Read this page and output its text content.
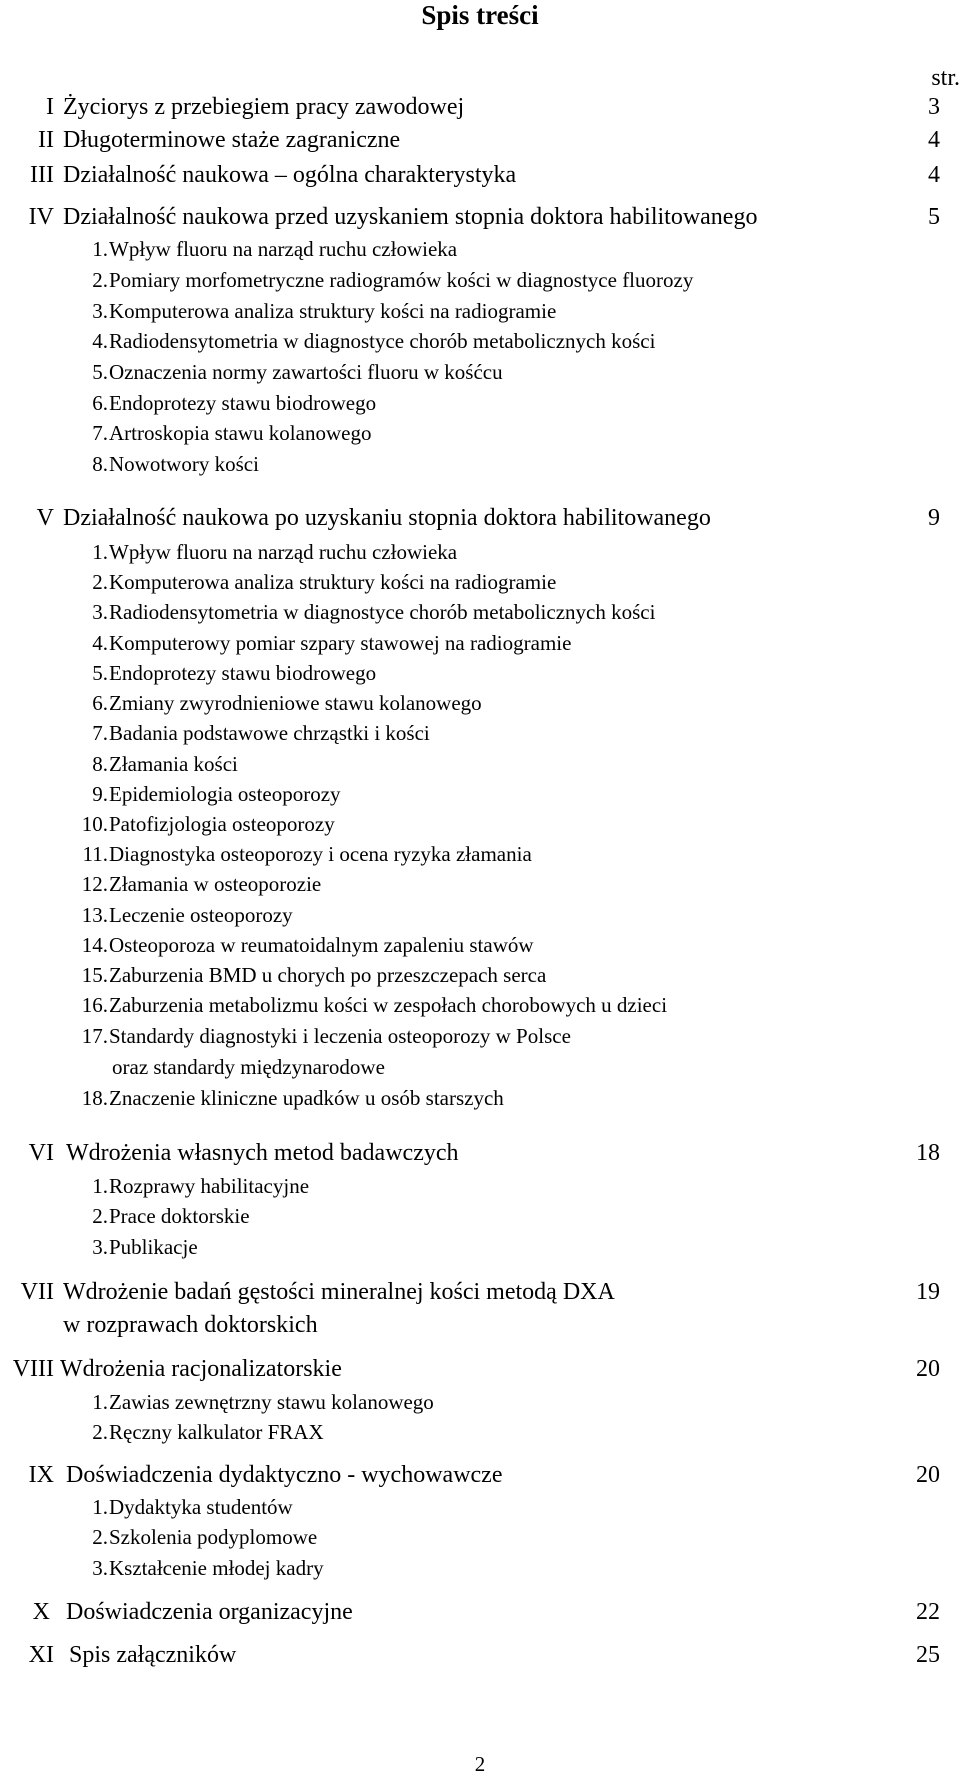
Spis treści
str.
I Życiorys z przebiegiem pracy zawodowej	3
II Długoterminowe staże zagraniczne	4
III Działalność naukowa – ogólna charakterystyka	4
IV Działalność naukowa przed uzyskaniem stopnia doktora habilitowanego	5
1. Wpływ fluoru na narząd ruchu człowieka
2. Pomiary morfometryczne radiogramów kości w diagnostyce fluorozy
3. Komputerowa analiza struktury kości na radiogramie
4. Radiodensytometria w diagnostyce chorób metabolicznych kości
5. Oznaczenia normy zawartości fluoru w kośćcu
6. Endoprotezy stawu biodrowego
7. Artroskopia stawu kolanowego
8. Nowotwory kości
V Działalność naukowa po uzyskaniu stopnia doktora habilitowanego	9
1. Wpływ fluoru na narząd ruchu człowieka
2. Komputerowa analiza struktury kości na radiogramie
3. Radiodensytometria w diagnostyce chorób metabolicznych kości
4. Komputerowy pomiar szpary stawowej na radiogramie
5. Endoprotezy stawu biodrowego
6. Zmiany zwyrodnieniowe stawu kolanowego
7. Badania podstawowe chrząstki i kości
8. Złamania kości
9. Epidemiologia osteoporozy
10. Patofizjologia osteoporozy
11. Diagnostyka osteoporozy i ocena ryzyka złamania
12. Złamania w osteoporozie
13. Leczenie osteoporozy
14. Osteoporoza w reumatoidalnym zapaleniu stawów
15. Zaburzenia BMD u chorych po przeszczepach serca
16. Zaburzenia metabolizmu kości w zespołach chorobowych u dzieci
17. Standardy diagnostyki i leczenia osteoporozy w Polsce
oraz standardy międzynarodowe
18. Znaczenie kliniczne upadków u osób starszych
VI Wdrożenia własnych metod badawczych	18
1. Rozprawy habilitacyjne
2. Prace doktorskie
3. Publikacje
VII Wdrożenie badań gęstości mineralnej kości metodą DXA	19
w rozprawach doktorskich
VIII Wdrożenia racjonalizatorskie	20
1. Zawias zewnętrzny stawu kolanowego
2. Ręczny kalkulator FRAX
IX Doświadczenia dydaktyczno - wychowawcze	20
1. Dydaktyka studentów
2. Szkolenia podyplomowe
3. Kształcenie młodej kadry
X Doświadczenia organizacyjne	22
XI Spis załączników	25
2
